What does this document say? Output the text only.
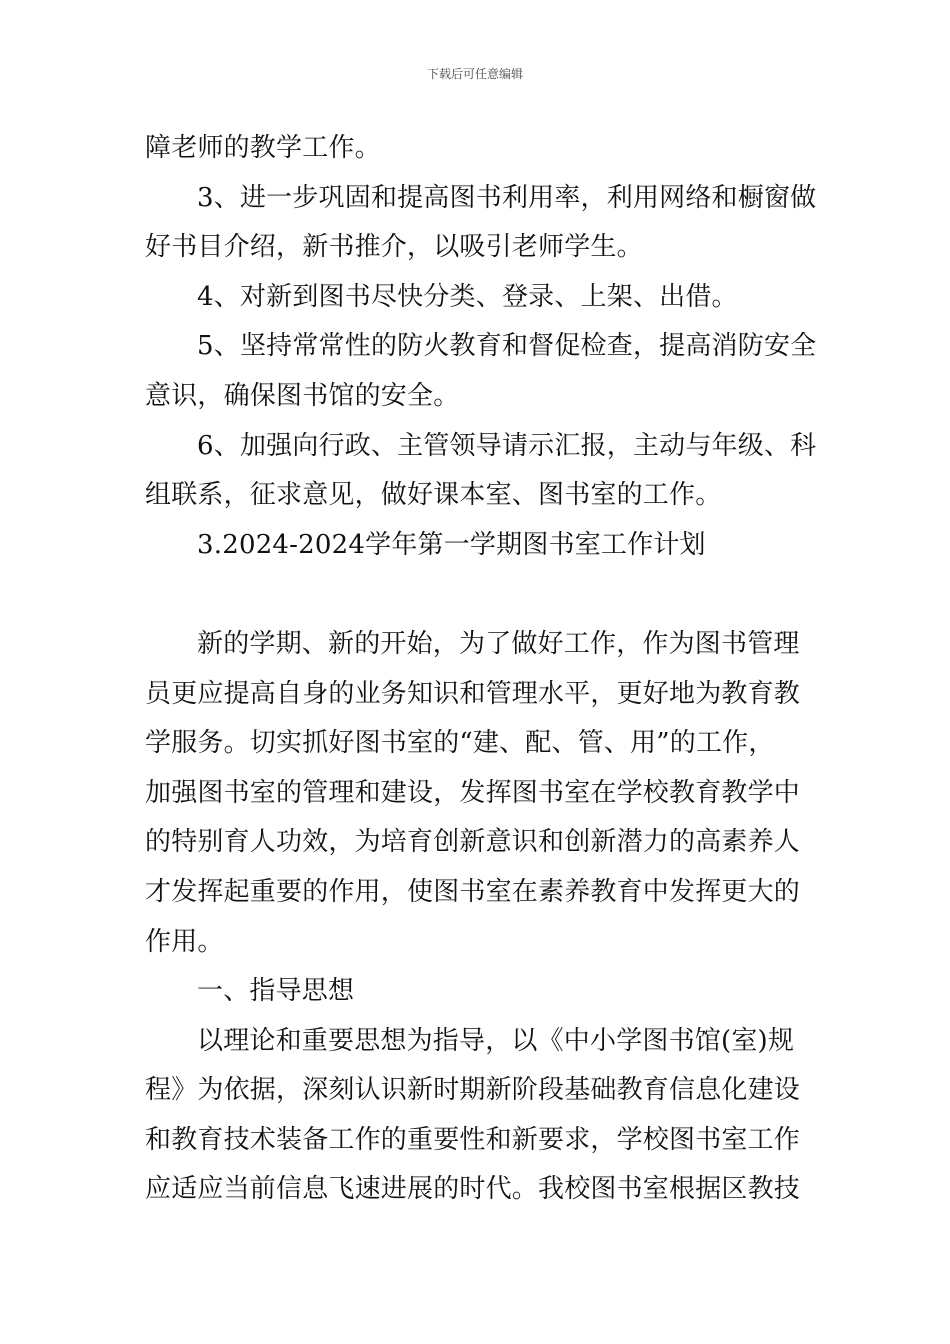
下载后可任意编辑
障老师的教学工作。
3、进一步巩固和提高图书利用率，利用网络和橱窗做
好书目介绍，新书推介，以吸引老师学生。
4、对新到图书尽快分类、登录、上架、出借。
5、坚持常常性的防火教育和督促检查，提高消防安全
意识，确保图书馆的安全。
6、加强向行政、主管领导请示汇报，主动与年级、科
组联系，征求意见，做好课本室、图书室的工作。
3.2024-2024学年第一学期图书室工作计划
新的学期、新的开始，为了做好工作，作为图书管理
员更应提高自身的业务知识和管理水平，更好地为教育教
学服务。切实抓好图书室的“建、配、管、用”的工作，
加强图书室的管理和建设，发挥图书室在学校教育教学中
的特别育人功效，为培育创新意识和创新潜力的高素养人
才发挥起重要的作用，使图书室在素养教育中发挥更大的
作用。
一、指导思想
以理论和重要思想为指导，以《中小学图书馆(室)规
程》为依据，深刻认识新时期新阶段基础教育信息化建设
和教育技术装备工作的重要性和新要求，学校图书室工作
应适应当前信息飞速进展的时代。我校图书室根据区教技
